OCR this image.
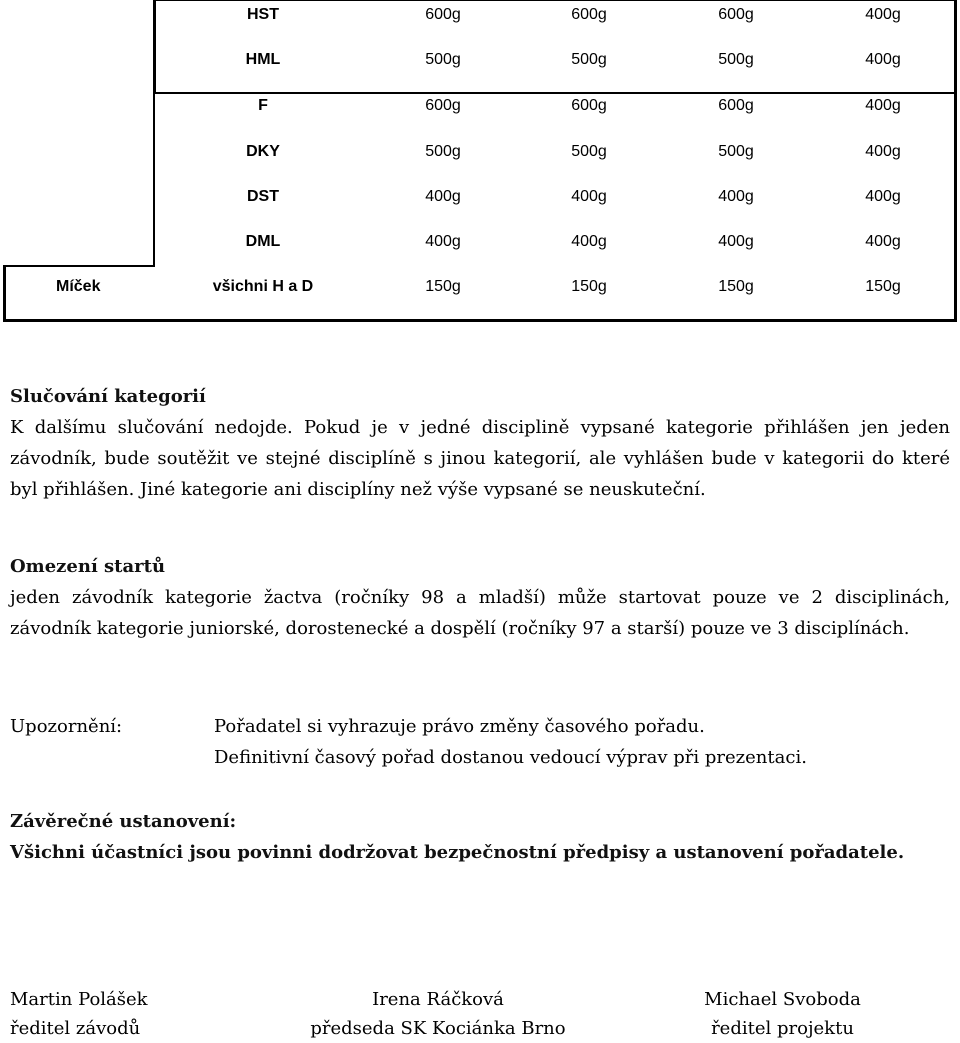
HST	600g	600g	600g	400g
HML	500g	500g	500g	400g
F	600g	600g	600g	400g
DKY	500g	500g	500g	400g
DST	400g	400g	400g	400g
DML	400g	400g	400g	400g
Míček	všichni H a D	150g	150g	150g	150g
Slučování kategorií
K dalšímu slučování nedojde. Pokud je v jedné disciplině vypsané kategorie přihlášen jen jeden závodník, bude soutěžit ve stejné disciplíně s jinou kategorií, ale vyhlášen bude v kategorii do které byl přihlášen. Jiné kategorie ani disciplíny než výše vypsané se neuskuteční.
Omezení startů
jeden závodník kategorie žactva (ročníky 98 a mladší) může startovat pouze ve 2 disciplinách, závodník kategorie juniorské, dorostenecké a dospělí (ročníky 97 a starší) pouze ve 3 disciplínách.
Upozornění:	Pořadatel si vyhrazuje právo změny časového pořadu.
Definitivní časový pořad dostanou vedoucí výprav při prezentaci.
Závěrečné ustanovení:
Všichni účastníci jsou povinni dodržovat bezpečnostní předpisy a ustanovení pořadatele.
Martin Polášek
ředitel závodů
Irena Ráčková
předseda SK Kociánka Brno
Michael Svoboda
ředitel projektu
